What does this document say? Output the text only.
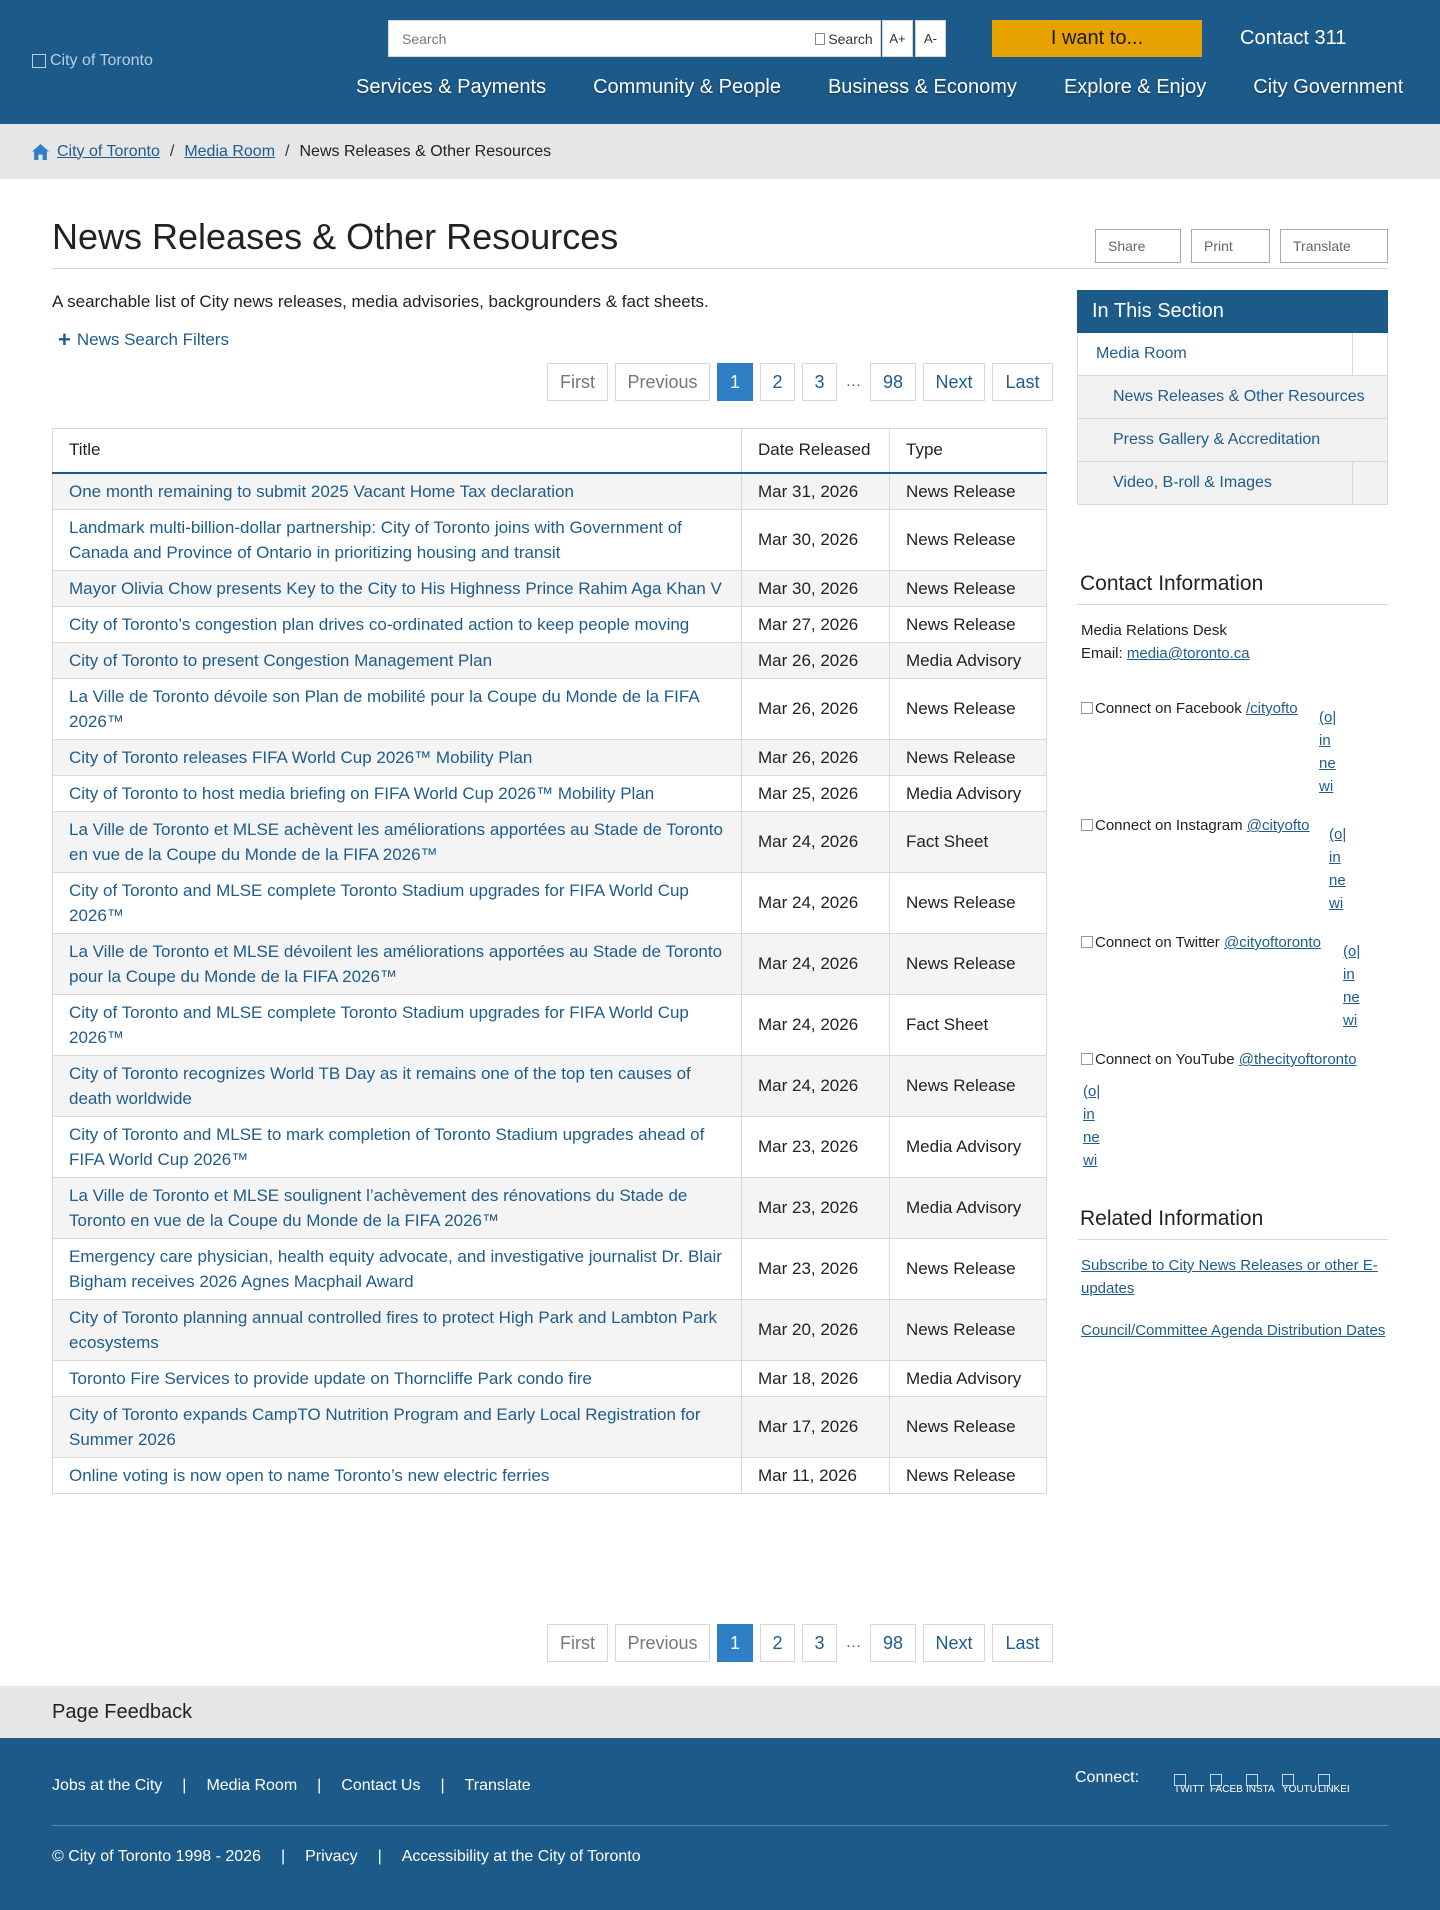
City of Toronto
Search
Search	A+	A-	I want to...	Contact 311
Services & Payments Community & People Business & Economy Explore & Enjoy City Government
City of Toronto / Media Room / News Releases & Other Resources
News Releases & Other Resources	Share	Print	Translate

A searchable list of City news releases, media advisories, backgrounders & fact sheets.

+ News Search Filters
First	Previous	1	2	3	…	98	Next	Last
Title	Date Released	Type
One month remaining to submit 2025 Vacant Home Tax declaration	Mar 31, 2026	News Release
Landmark multi-billion-dollar partnership: City of Toronto joins with Government of Canada and Province of Ontario in prioritizing housing and transit	Mar 30, 2026	News Release
Mayor Olivia Chow presents Key to the City to His Highness Prince Rahim Aga Khan V	Mar 30, 2026	News Release
City of Toronto’s congestion plan drives co-ordinated action to keep people moving	Mar 27, 2026	News Release
City of Toronto to present Congestion Management Plan	Mar 26, 2026	Media Advisory
La Ville de Toronto dévoile son Plan de mobilité pour la Coupe du Monde de la FIFA 2026™	Mar 26, 2026	News Release
City of Toronto releases FIFA World Cup 2026™ Mobility Plan	Mar 26, 2026	News Release
City of Toronto to host media briefing on FIFA World Cup 2026™ Mobility Plan	Mar 25, 2026	Media Advisory
La Ville de Toronto et MLSE achèvent les améliorations apportées au Stade de Toronto en vue de la Coupe du Monde de la FIFA 2026™	Mar 24, 2026	Fact Sheet
City of Toronto and MLSE complete Toronto Stadium upgrades for FIFA World Cup 2026™	Mar 24, 2026	News Release
La Ville de Toronto et MLSE dévoilent les améliorations apportées au Stade de Toronto pour la Coupe du Monde de la FIFA 2026™	Mar 24, 2026	News Release
City of Toronto and MLSE complete Toronto Stadium upgrades for FIFA World Cup 2026™	Mar 24, 2026	Fact Sheet
City of Toronto recognizes World TB Day as it remains one of the top ten causes of death worldwide	Mar 24, 2026	News Release
City of Toronto and MLSE to mark completion of Toronto Stadium upgrades ahead of FIFA World Cup 2026™	Mar 23, 2026	Media Advisory
La Ville de Toronto et MLSE soulignent l’achèvement des rénovations du Stade de Toronto en vue de la Coupe du Monde de la FIFA 2026™	Mar 23, 2026	Media Advisory
Emergency care physician, health equity advocate, and investigative journalist Dr. Blair Bigham receives 2026 Agnes Macphail Award	Mar 23, 2026	News Release
City of Toronto planning annual controlled fires to protect High Park and Lambton Park ecosystems	Mar 20, 2026	News Release
Toronto Fire Services to provide update on Thorncliffe Park condo fire	Mar 18, 2026	Media Advisory
City of Toronto expands CampTO Nutrition Program and Early Local Registration for Summer 2026	Mar 17, 2026	News Release
Online voting is now open to name Toronto’s new electric ferries	Mar 11, 2026	News Release
First	Previous	1	2	3	…	98	Next	Last
In This Section
Media Room
News Releases & Other Resources
Press Gallery & Accreditation
Video, B-roll & Images
Contact Information
Media Relations Desk
Email: media@toronto.ca
Connect on Facebook /cityofto
(o|
in
ne
wi
Connect on Instagram @cityofto
(o|
in
ne
wi
Connect on Twitter @cityoftoronto
(o|
in
ne
wi
Connect on YouTube @thecityoftoronto
(o|
in
ne
wi
Related Information
Subscribe to City News Releases or other E-updates
Council/Committee Agenda Distribution Dates
Page Feedback
Jobs at the City | Media Room | Contact Us | Translate	Connect:
TWITT FACEB INSTA YOUTU LINKEI
© City of Toronto 1998 - 2026 | Privacy | Accessibility at the City of Toronto
